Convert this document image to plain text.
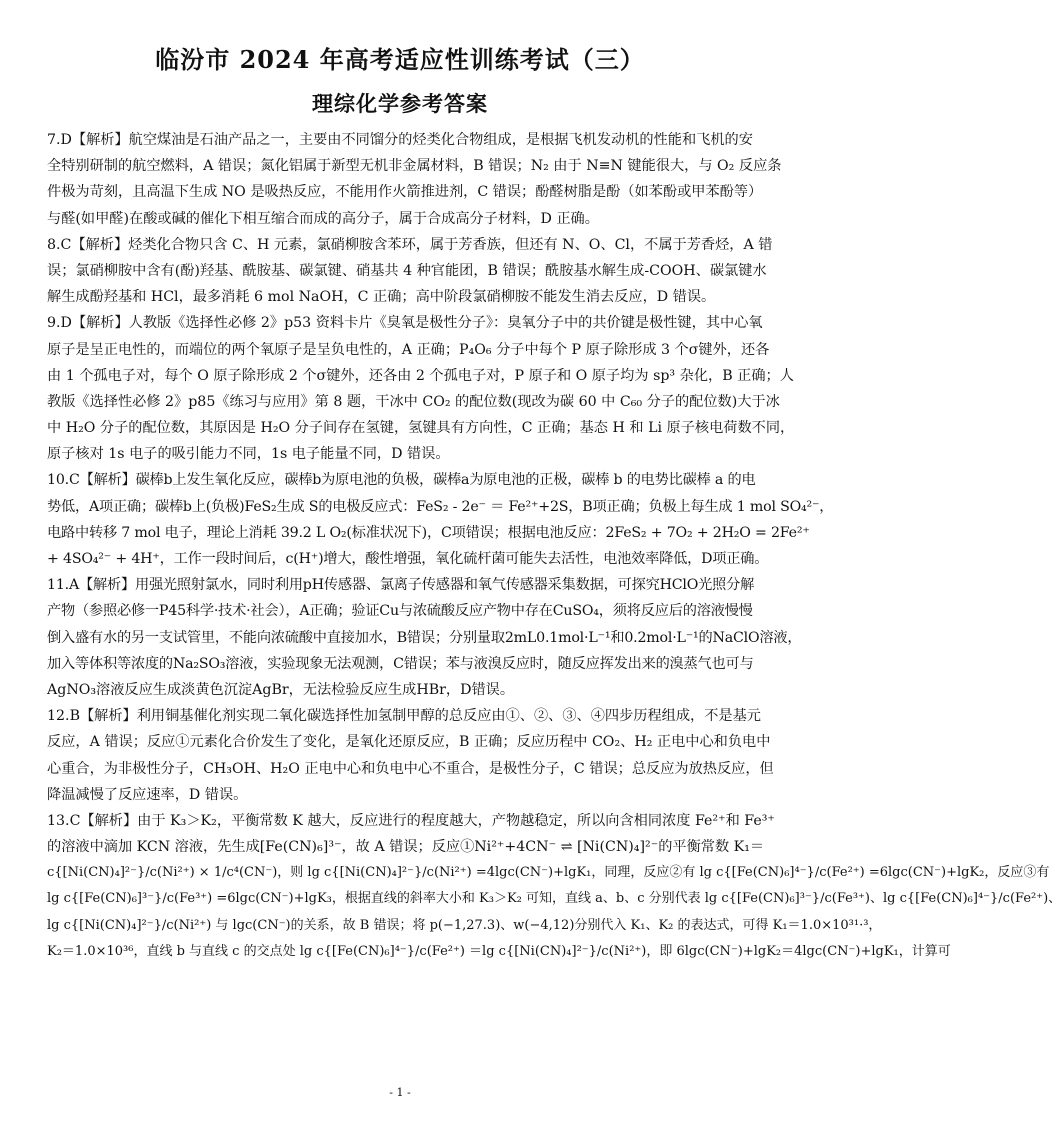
临汾市 2024 年高考适应性训练考试（三）
理综化学参考答案
7.D【解析】航空煤油是石油产品之一，主要由不同馏分的烃类化合物组成，是根据飞机发动机的性能和飞机的安
全特别研制的航空燃料，A 错误；氮化铝属于新型无机非金属材料，B 错误；N₂ 由于 N≡N 键能很大，与 O₂ 反应条
件极为苛刻，且高温下生成 NO 是吸热反应，不能用作火箭推进剂，C 错误；酚醛树脂是酚（如苯酚或甲苯酚等）
与醛(如甲醛)在酸或碱的催化下相互缩合而成的高分子，属于合成高分子材料，D 正确。
8.C【解析】烃类化合物只含 C、H 元素，氯硝柳胺含苯环，属于芳香族，但还有 N、O、Cl，不属于芳香烃，A 错
误；氯硝柳胺中含有(酚)羟基、酰胺基、碳氯键、硝基共 4 种官能团，B 错误；酰胺基水解生成-COOH、碳氯键水
解生成酚羟基和 HCl，最多消耗 6 mol NaOH，C 正确；高中阶段氯硝柳胺不能发生消去反应，D 错误。
9.D【解析】人教版《选择性必修 2》p53 资料卡片《臭氧是极性分子》：臭氧分子中的共价键是极性键，其中心氧
原子是呈正电性的，而端位的两个氧原子是呈负电性的，A 正确；P₄O₆ 分子中每个 P 原子除形成 3 个σ键外，还各
由 1 个孤电子对，每个 O 原子除形成 2 个σ键外，还各由 2 个孤电子对，P 原子和 O 原子均为 sp³ 杂化，B 正确；人
教版《选择性必修 2》p85《练习与应用》第 8 题，干冰中 CO₂ 的配位数(现改为碳 60 中 C₆₀ 分子的配位数)大于冰
中 H₂O 分子的配位数，其原因是 H₂O 分子间存在氢键，氢键具有方向性，C 正确；基态 H 和 Li 原子核电荷数不同，
原子核对 1s 电子的吸引能力不同，1s 电子能量不同，D 错误。
10.C【解析】碳棒b上发生氧化反应，碳棒b为原电池的负极，碳棒a为原电池的正极，碳棒 b 的电势比碳棒 a 的电
势低，A项正确；碳棒b上(负极)FeS₂生成 S的电极反应式：FeS₂ - 2e⁻ ＝ Fe²⁺+2S，B项正确；负极上每生成 1 mol SO₄²⁻，
电路中转移 7 mol 电子，理论上消耗 39.2 L O₂(标准状况下)，C项错误；根据电池反应：2FeS₂ + 7O₂ + 2H₂O = 2Fe²⁺
+ 4SO₄²⁻ + 4H⁺，工作一段时间后，c(H⁺)增大，酸性增强，氧化硫杆菌可能失去活性，电池效率降低，D项正确。
11.A【解析】用强光照射氯水，同时利用pH传感器、氯离子传感器和氧气传感器采集数据，可探究HClO光照分解
产物（参照必修一P45科学·技术·社会），A正确；验证Cu与浓硫酸反应产物中存在CuSO₄，须将反应后的溶液慢慢
倒入盛有水的另一支试管里，不能向浓硫酸中直接加水，B错误；分别量取2mL0.1mol·L⁻¹和0.2mol·L⁻¹的NaClO溶液，
加入等体积等浓度的Na₂SO₃溶液，实验现象无法观测，C错误；苯与液溴反应时，随反应挥发出来的溴蒸气也可与
AgNO₃溶液反应生成淡黄色沉淀AgBr，无法检验反应生成HBr，D错误。
12.B【解析】利用铜基催化剂实现二氧化碳选择性加氢制甲醇的总反应由①、②、③、④四步历程组成，不是基元
反应，A 错误；反应①元素化合价发生了变化，是氧化还原反应，B 正确；反应历程中 CO₂、H₂ 正电中心和负电中
心重合，为非极性分子，CH₃OH、H₂O 正电中心和负电中心不重合，是极性分子，C 错误；总反应为放热反应，但
降温减慢了反应速率，D 错误。
13.C【解析】由于 K₃＞K₂，平衡常数 K 越大，反应进行的程度越大，产物越稳定，所以向含相同浓度 Fe²⁺和 Fe³⁺
的溶液中滴加 KCN 溶液，先生成[Fe(CN)₆]³⁻，故 A 错误；反应①Ni²⁺+4CN⁻ ⇌ [Ni(CN)₄]²⁻的平衡常数 K₁＝
c{[Ni(CN)₄]²⁻}/c(Ni²⁺) × 1/c⁴(CN⁻)，则 lg c{[Ni(CN)₄]²⁻}/c(Ni²⁺) =4lgc(CN⁻)+lgK₁，同理，反应②有 lg c{[Fe(CN)₆]⁴⁻}/c(Fe²⁺) =6lgc(CN⁻)+lgK₂，反应③有
lg c{[Fe(CN)₆]³⁻}/c(Fe³⁺) =6lgc(CN⁻)+lgK₃，根据直线的斜率大小和 K₃＞K₂ 可知，直线 a、b、c 分别代表 lg c{[Fe(CN)₆]³⁻}/c(Fe³⁺)、lg c{[Fe(CN)₆]⁴⁻}/c(Fe²⁺)、
lg c{[Ni(CN)₄]²⁻}/c(Ni²⁺) 与 lgc(CN⁻)的关系，故 B 错误；将 p(−1,27.3)、w(−4,12)分别代入 K₁、K₂ 的表达式，可得 K₁＝1.0×10³¹·³，
K₂＝1.0×10³⁶，直线 b 与直线 c 的交点处 lg c{[Fe(CN)₆]⁴⁻}/c(Fe²⁺) ＝lg c{[Ni(CN)₄]²⁻}/c(Ni²⁺)，即 6lgc(CN⁻)+lgK₂＝4lgc(CN⁻)+lgK₁，计算可
- 1 -
